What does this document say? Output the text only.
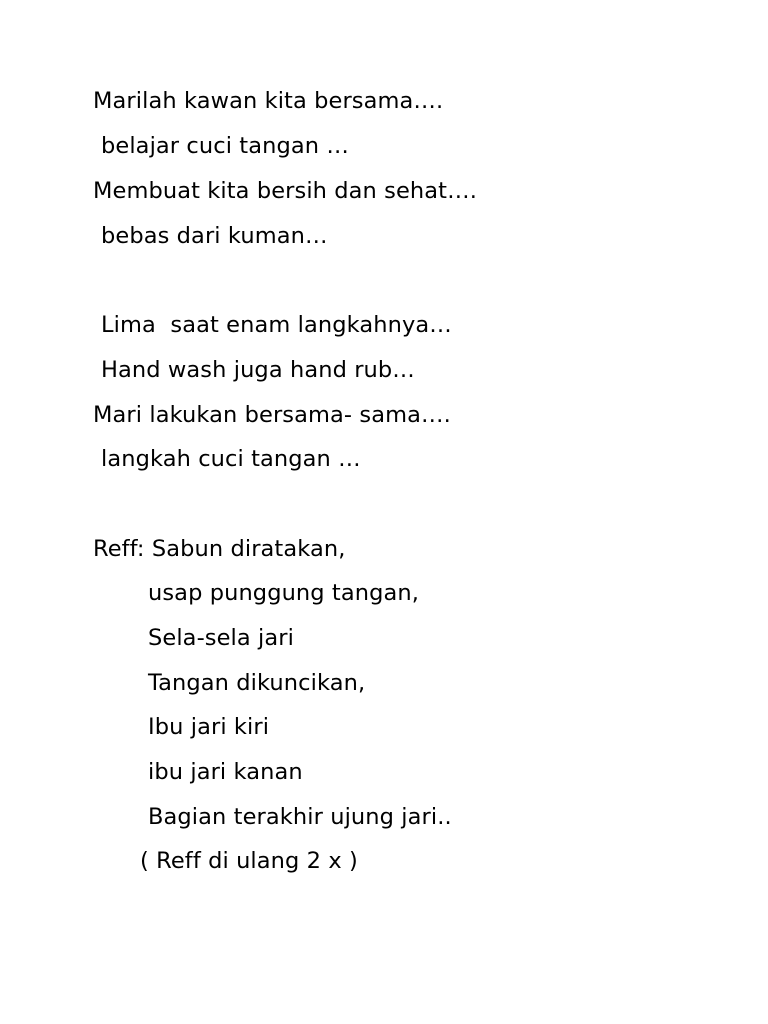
Marilah kawan kita bersama….
belajar cuci tangan …
Membuat kita bersih dan sehat….
bebas dari kuman…
Lima  saat enam langkahnya…
Hand wash juga hand rub…
Mari lakukan bersama- sama….
langkah cuci tangan …
Reff: Sabun diratakan,
usap punggung tangan,
Sela-sela jari
Tangan dikuncikan,
Ibu jari kiri
ibu jari kanan
Bagian terakhir ujung jari..
( Reff di ulang 2 x )
